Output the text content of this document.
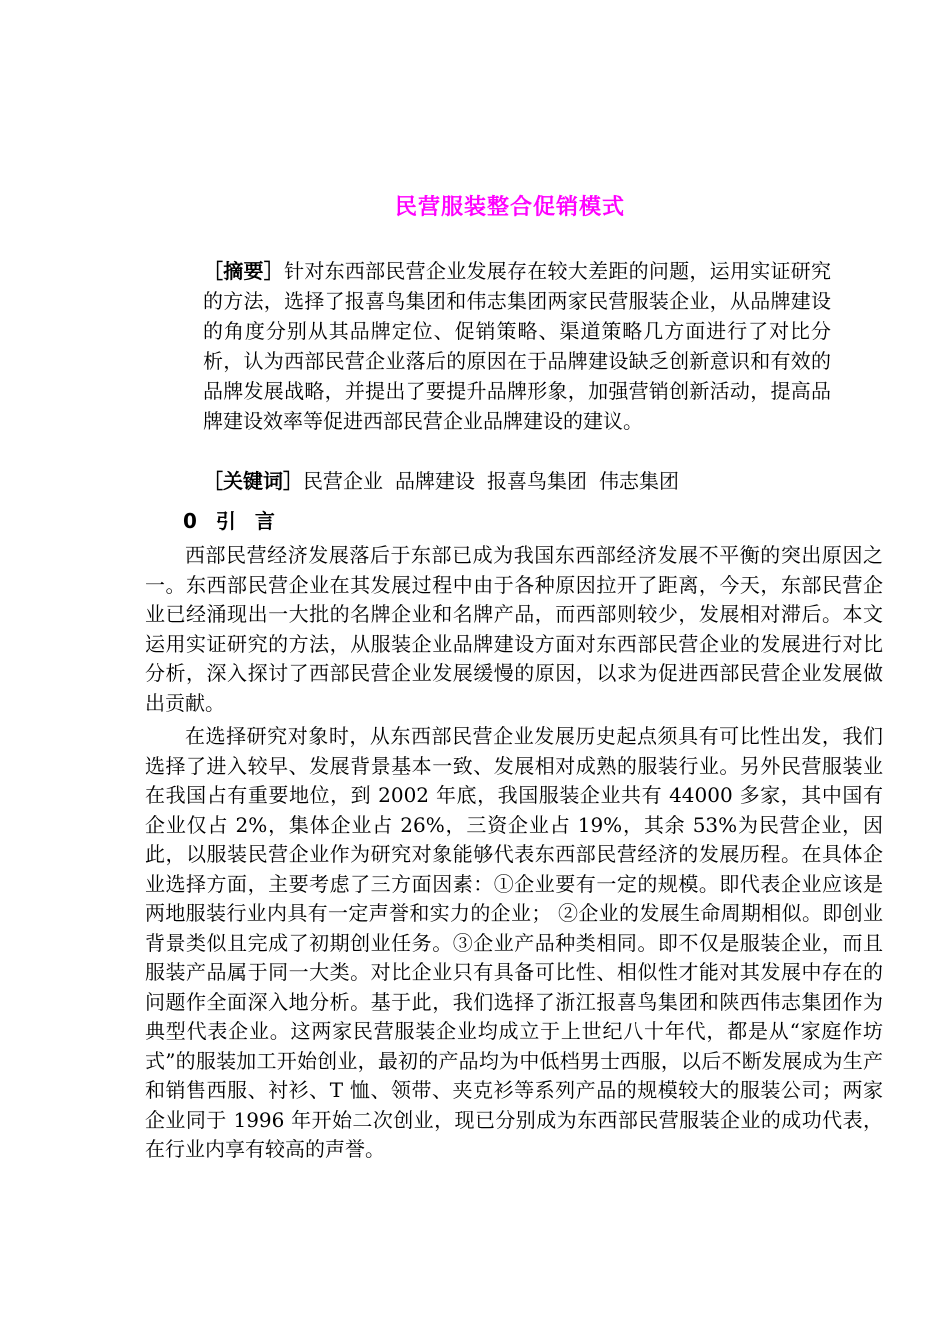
民营服装整合促销模式
［摘要］针对东西部民营企业发展存在较大差距的问题，运用实证研究的方法，选择了报喜鸟集团和伟志集团两家民营服装企业，从品牌建设的角度分别从其品牌定位、促销策略、渠道策略几方面进行了对比分析，认为西部民营企业落后的原因在于品牌建设缺乏创新意识和有效的品牌发展战略，并提出了要提升品牌形象，加强营销创新活动，提高品牌建设效率等促进西部民营企业品牌建设的建议。
［关键词］民营企业 品牌建设 报喜鸟集团 伟志集团
0 引 言
西部民营经济发展落后于东部已成为我国东西部经济发展不平衡的突出原因之一。东西部民营企业在其发展过程中由于各种原因拉开了距离，今天，东部民营企业已经涌现出一大批的名牌企业和名牌产品，而西部则较少，发展相对滞后。本文运用实证研究的方法，从服装企业品牌建设方面对东西部民营企业的发展进行对比分析，深入探讨了西部民营企业发展缓慢的原因，以求为促进西部民营企业发展做出贡献。
在选择研究对象时，从东西部民营企业发展历史起点须具有可比性出发，我们选择了进入较早、发展背景基本一致、发展相对成熟的服装行业。另外民营服装业在我国占有重要地位，到 2002 年底，我国服装企业共有 44000 多家，其中国有企业仅占 2%，集体企业占 26%，三资企业占 19%，其余 53%为民营企业，因此，以服装民营企业作为研究对象能够代表东西部民营经济的发展历程。在具体企业选择方面，主要考虑了三方面因素：①企业要有一定的规模。即代表企业应该是两地服装行业内具有一定声誉和实力的企业； ②企业的发展生命周期相似。即创业背景类似且完成了初期创业任务。③企业产品种类相同。即不仅是服装企业，而且服装产品属于同一大类。对比企业只有具备可比性、相似性才能对其发展中存在的问题作全面深入地分析。基于此，我们选择了浙江报喜鸟集团和陕西伟志集团作为典型代表企业。这两家民营服装企业均成立于上世纪八十年代，都是从“家庭作坊式”的服装加工开始创业，最初的产品均为中低档男士西服，以后不断发展成为生产和销售西服、衬衫、T 恤、领带、夹克衫等系列产品的规模较大的服装公司；两家企业同于 1996 年开始二次创业，现已分别成为东西部民营服装企业的成功代表，在行业内享有较高的声誉。
